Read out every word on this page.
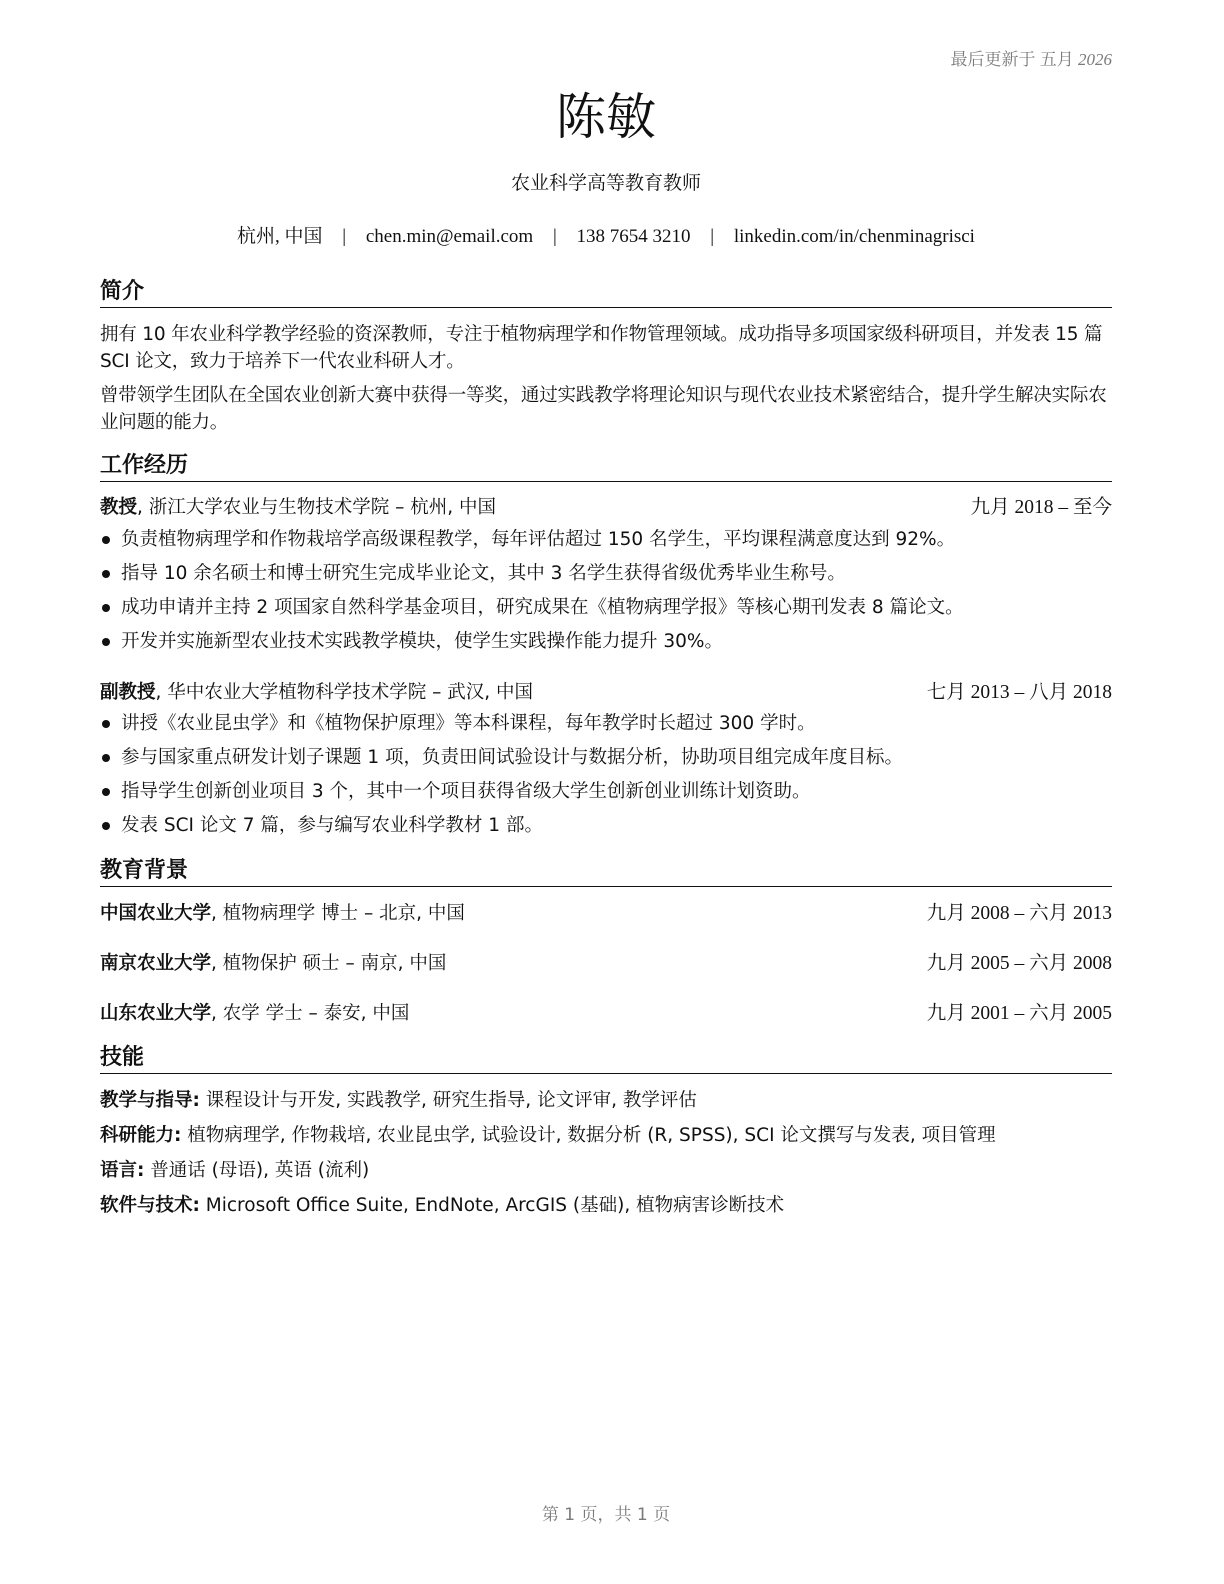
最后更新于 五月 2026
陈敏
农业科学高等教育教师
杭州, 中国 | chen.min@email.com | 138 7654 3210 | linkedin.com/in/chenminagrisci
简介
拥有 10 年农业科学教学经验的资深教师，专注于植物病理学和作物管理领域。成功指导多项国家级科研项目，并发表 15 篇 SCI 论文，致力于培养下一代农业科研人才。
曾带领学生团队在全国农业创新大赛中获得一等奖，通过实践教学将理论知识与现代农业技术紧密结合，提升学生解决实际农业问题的能力。
工作经历
教授, 浙江大学农业与生物技术学院 – 杭州, 中国	九月 2018 – 至今
负责植物病理学和作物栽培学高级课程教学，每年评估超过 150 名学生，平均课程满意度达到 92%。
指导 10 余名硕士和博士研究生完成毕业论文，其中 3 名学生获得省级优秀毕业生称号。
成功申请并主持 2 项国家自然科学基金项目，研究成果在《植物病理学报》等核心期刊发表 8 篇论文。
开发并实施新型农业技术实践教学模块，使学生实践操作能力提升 30%。
副教授, 华中农业大学植物科学技术学院 – 武汉, 中国	七月 2013 – 八月 2018
讲授《农业昆虫学》和《植物保护原理》等本科课程，每年教学时长超过 300 学时。
参与国家重点研发计划子课题 1 项，负责田间试验设计与数据分析，协助项目组完成年度目标。
指导学生创新创业项目 3 个，其中一个项目获得省级大学生创新创业训练计划资助。
发表 SCI 论文 7 篇，参与编写农业科学教材 1 部。
教育背景
中国农业大学, 植物病理学 博士 – 北京, 中国	九月 2008 – 六月 2013
南京农业大学, 植物保护 硕士 – 南京, 中国	九月 2005 – 六月 2008
山东农业大学, 农学 学士 – 泰安, 中国	九月 2001 – 六月 2005
技能
教学与指导: 课程设计与开发, 实践教学, 研究生指导, 论文评审, 教学评估
科研能力: 植物病理学, 作物栽培, 农业昆虫学, 试验设计, 数据分析 (R, SPSS), SCI 论文撰写与发表, 项目管理
语言: 普通话 (母语), 英语 (流利)
软件与技术: Microsoft Office Suite, EndNote, ArcGIS (基础), 植物病害诊断技术
第 1 页，共 1 页
